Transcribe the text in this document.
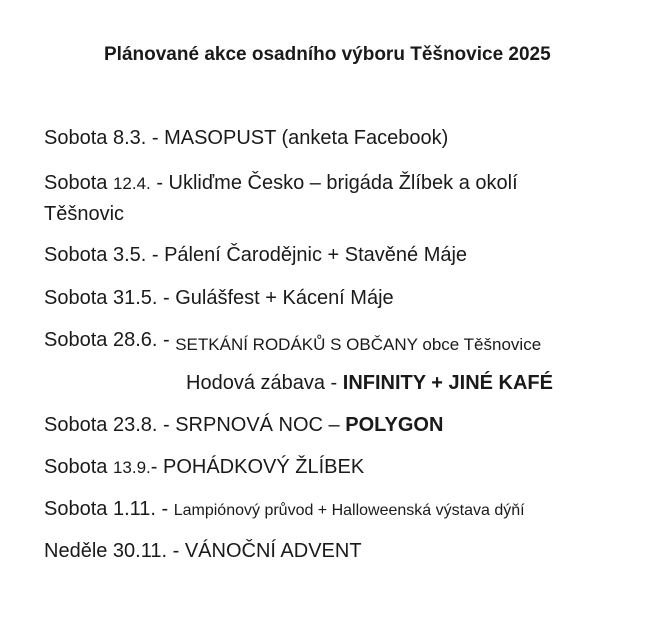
Plánované akce osadního výboru Těšnovice 2025
Sobota 8.3. - MASOPUST (anketa Facebook)
Sobota 12.4. - Ukliďme Česko – brigáda Žlíbek a okolí
Těšnovic
Sobota 3.5. - Pálení Čarodějnic + Stavěné Máje
Sobota 31.5. - Gulášfest + Kácení Máje
Sobota 28.6. - $_{SETKÁNÍ RODÁKŮ S OBČANY obce Těšnovice}$
Hodová zábava - INFINITY + JINÉ KAFÉ
Sobota 23.8. - SRPNOVÁ NOC – POLYGON
Sobota 13.9.- POHÁDKOVÝ ŽLÍBEK
Sobota 1.11. - Lampiónový průvod + Halloweenská výstava dýňí
Neděle 30.11. - VÁNOČNÍ ADVENT
